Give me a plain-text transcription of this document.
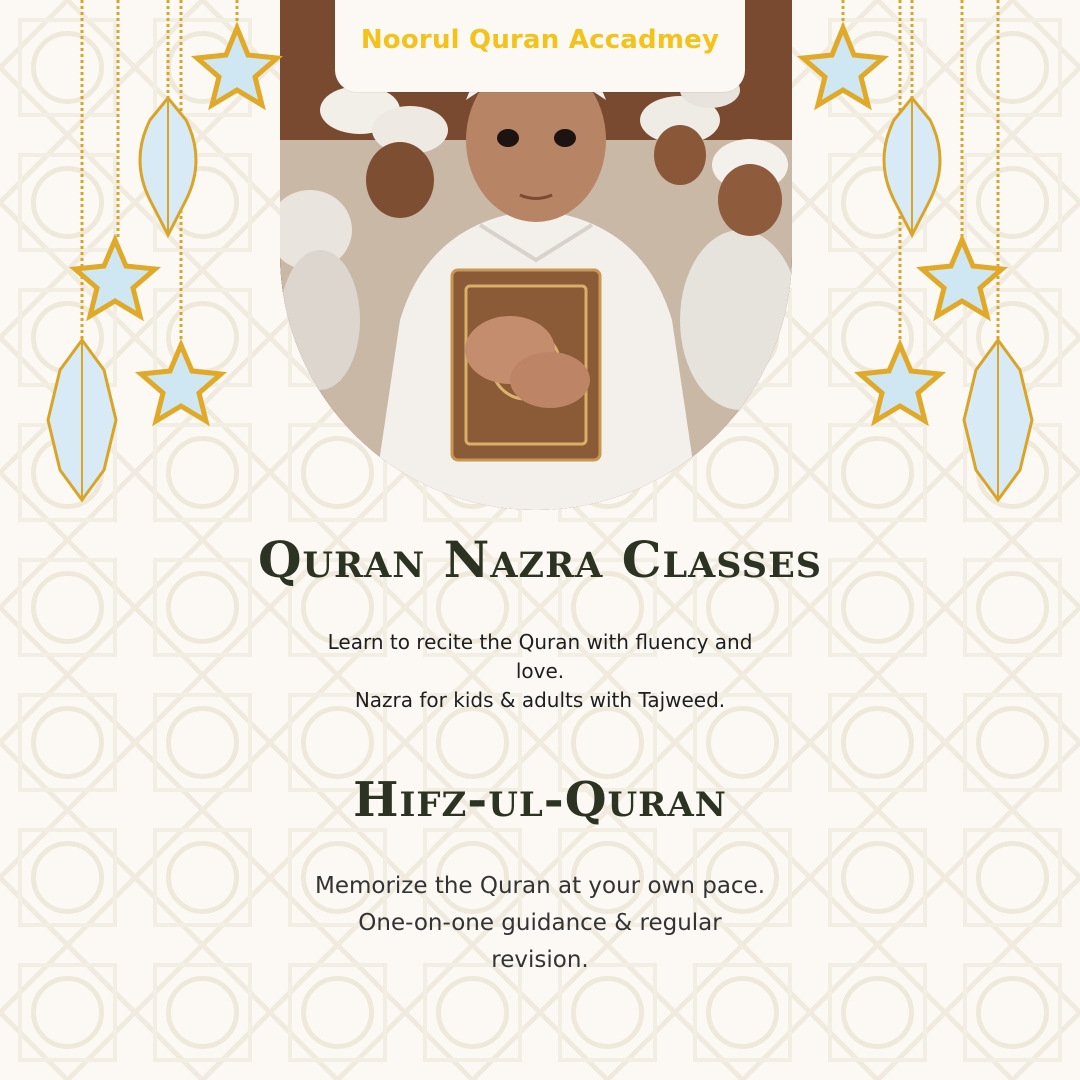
Noorul Quran Accadmey
Quran Nazra Classes
Learn to recite the Quran with fluency and
love.
Nazra for kids & adults with Tajweed.
Hifz-ul-Quran
Memorize the Quran at your own pace.
One-on-one guidance & regular
revision.
